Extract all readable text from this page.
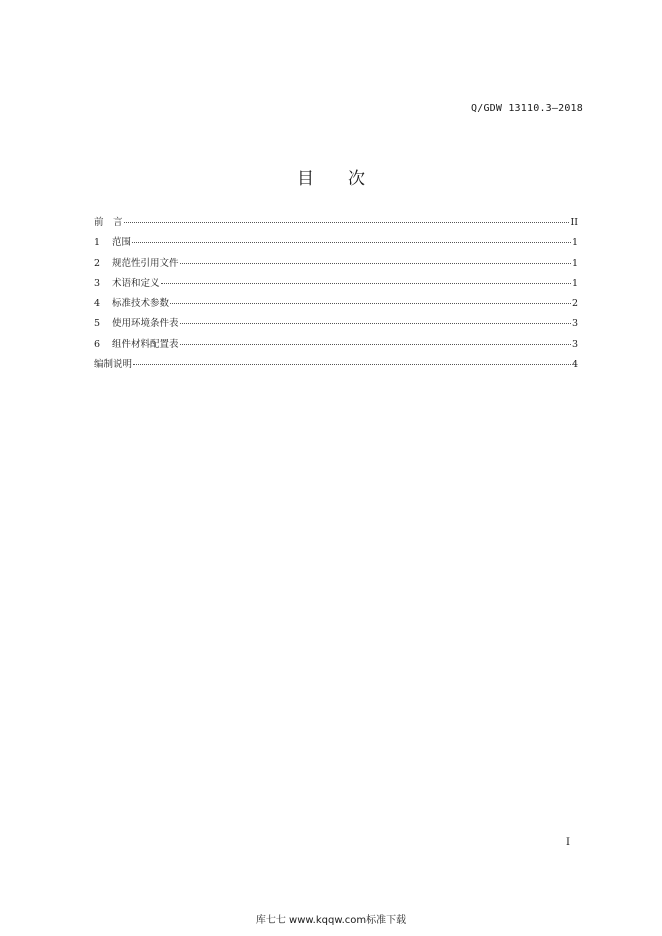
Q/GDW 13110.3—2018
目 次
前　言	II
1	范围	1
2	规范性引用文件	1
3	术语和定义	1
4	标准技术参数	2
5	使用环境条件表	3
6	组件材料配置表	3
编制说明	4
I
库七七 www.kqqw.com标准下载
